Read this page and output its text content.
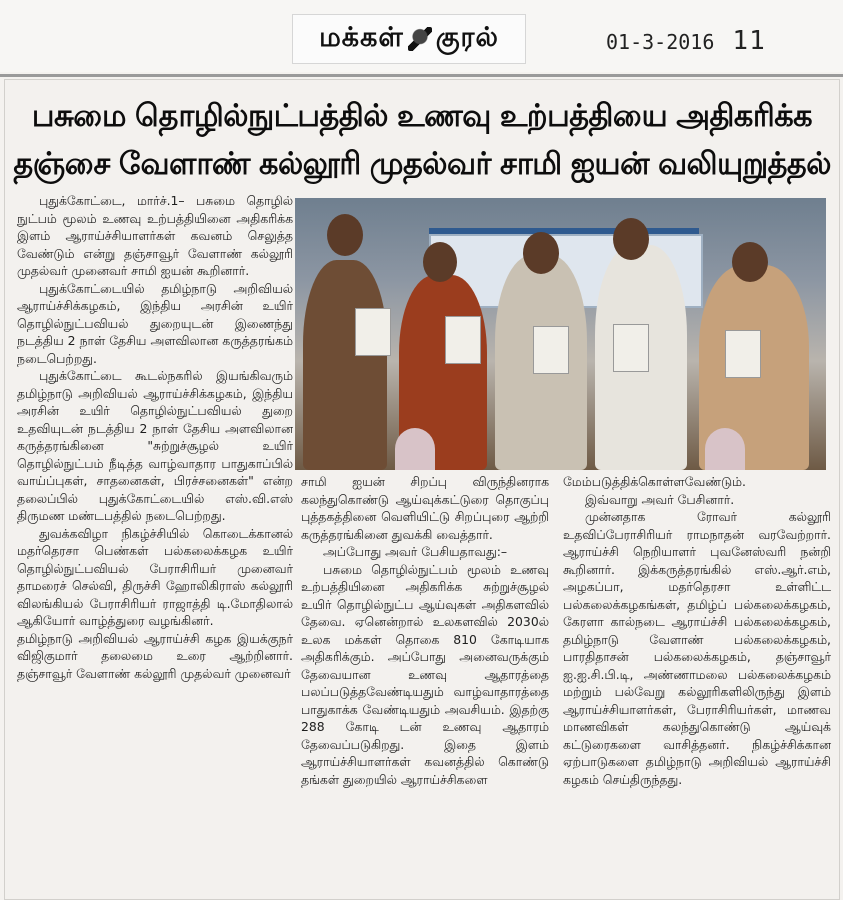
மக்கள் குரல்	01-3-2016 11
பசுமை தொழில்நுட்பத்தில் உணவு உற்பத்தியை அதிகரிக்க
தஞ்சை வேளாண் கல்லூரி முதல்வர் சாமி ஐயன் வலியுறுத்தல்

புதுக்கோட்டை, மார்ச்.1– பசுமை தொழில் நுட்பம் மூலம் உணவு உற்பத்தியினை அதிகரிக்க இளம் ஆராய்ச்சியாளர்கள் கவனம் செலுத்த வேண்டும் என்று தஞ்சாவூர் வேளாண் கல்லூரி முதல்வர் முனைவர் சாமி ஐயன் கூறினார்.

புதுக்கோட்டையில் தமிழ்நாடு அறிவியல் ஆராய்ச்சிக்கழகம், இந்திய அரசின் உயிர் தொழில்நுட்பவியல் துறையுடன் இணைந்து நடத்திய 2 நாள் தேசிய அளவிலான கருத்தரங்கம் நடைபெற்றது.

புதுக்கோட்டை கூடல்நகரில் இயங்கிவரும் தமிழ்நாடு அறிவியல் ஆராய்ச்சிக்கழகம், இந்திய அரசின் உயிர் தொழில்நுட்பவியல் துறை உதவியுடன் நடத்திய 2 நாள் தேசிய அளவிலான கருத்தரங்கினை "சுற்றுச்சூழல் உயிர் தொழில்நுட்பம் நீடித்த வாழ்வாதார பாதுகாப்பில் வாய்ப்புகள், சாதனைகள், பிரச்சனைகள்" என்ற தலைப்பில் புதுக்கோட்டையில் எஸ்.வி.எஸ் திருமண மண்டபத்தில் நடைபெற்றது.

துவக்கவிழா நிகழ்ச்சியில் கொடைக்கானல் மதர்தெரசா பெண்கள் பல்கலைக்கழக உயிர் தொழில்நுட்பவியல் பேராசிரியர் முனைவர் தாமரைச் செல்வி, திருச்சி ஹோலிகிராஸ் கல்லூரி விலங்கியல் பேராசிரியர் ராஜாத்தி டி.மோதிலால் ஆகியோர் வாழ்த்துரை வழங்கினர்.

தமிழ்நாடு அறிவியல் ஆராய்ச்சி கழக இயக்குநர் விஜிகுமார் தலைமை உரை ஆற்றினார். தஞ்சாவூர் வேளாண் கல்லூரி முதல்வர் முனைவர்

சாமி ஐயன் சிறப்பு விருந்தினராக கலந்துகொண்டு ஆய்வுக்கட்டுரை தொகுப்பு புத்தகத்தினை வெளியிட்டு சிறப்புரை ஆற்றி கருத்தரங்கினை துவக்கி வைத்தார்.

அப்போது அவர் பேசியதாவது:–

பசுமை தொழில்நுட்பம் மூலம் உணவு உற்பத்தியினை அதிகரிக்க சுற்றுச்சூழல் உயிர் தொழில்நுட்ப ஆய்வுகள் அதிகளவில் தேவை. ஏனென்றால் உலகளவில் 2030ல் உலக மக்கள் தொகை 810 கோடியாக அதிகரிக்கும். அப்போது அனைவருக்கும் தேவையான உணவு ஆதாரத்தை பலப்படுத்தவேண்டியதும் வாழ்வாதாரத்தை பாதுகாக்க வேண்டியதும் அவசியம். இதற்கு 288 கோடி டன் உணவு ஆதாரம் தேவைப்படுகிறது. இதை இளம் ஆராய்ச்சியாளர்கள் கவனத்தில் கொண்டு தங்கள் துறையில் ஆராய்ச்சிகளை

மேம்படுத்திக்கொள்ளவேண்டும்.

இவ்வாறு அவர் பேசினார்.

முன்னதாக ரோவர் கல்லூரி உதவிப்பேராசிரியர் ராமநாதன் வரவேற்றார். ஆராய்ச்சி நெறியாளர் புவனேஸ்வரி நன்றி கூறினார். இக்கருத்தரங்கில் எஸ்.ஆர்.எம், அழகப்பா, மதர்தெரசா உள்ளிட்ட பல்கலைக்கழகங்கள், தமிழ்ப் பல்கலைக்கழகம், கேரளா கால்நடை ஆராய்ச்சி பல்கலைக்கழகம், தமிழ்நாடு வேளாண் பல்கலைக்கழகம், பாரதிதாசன் பல்கலைக்கழகம், தஞ்சாவூர் ஐ.ஐ.சி.பி.டி, அண்ணாமலை பல்கலைக்கழகம் மற்றும் பல்வேறு கல்லூரிகளிலிருந்து இளம் ஆராய்ச்சியாளர்கள், பேராசிரியர்கள், மாணவ மாணவிகள் கலந்துகொண்டு ஆய்வுக் கட்டுரைகளை வாசித்தனர். நிகழ்ச்சிக்கான ஏற்பாடுகளை தமிழ்நாடு அறிவியல் ஆராய்ச்சி கழகம் செய்திருந்தது.
